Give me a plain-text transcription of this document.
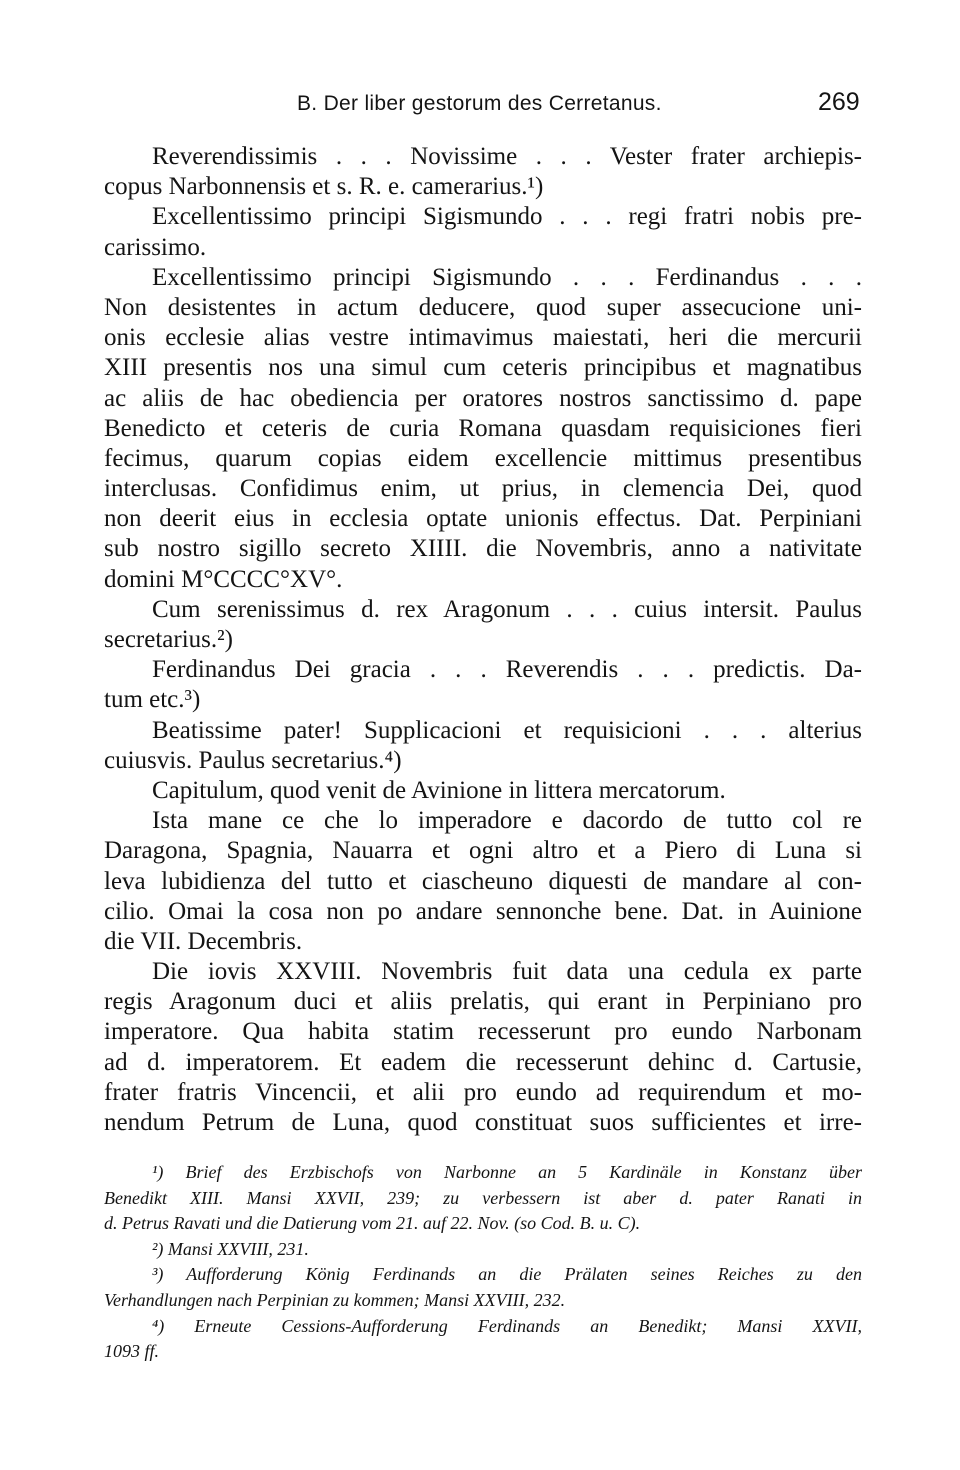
B. Der liber gestorum des Cerretanus.	269
Reverendissimis . . . Novissime . . . Vester frater archiepis-
copus Narbonnensis et s. R. e. camerarius.¹)
Excellentissimo principi Sigismundo . . . regi fratri nobis pre-
carissimo.
Excellentissimo principi Sigismundo . . . Ferdinandus . . .
Non desistentes in actum deducere, quod super assecucione uni-
onis ecclesie alias vestre intimavimus maiestati, heri die mercurii
XIII presentis nos una simul cum ceteris principibus et magnatibus
ac aliis de hac obediencia per oratores nostros sanctissimo d. pape
Benedicto et ceteris de curia Romana quasdam requisiciones fieri
fecimus, quarum copias eidem excellencie mittimus presentibus
interclusas. Confidimus enim, ut prius, in clemencia Dei, quod
non deerit eius in ecclesia optate unionis effectus. Dat. Perpiniani
sub nostro sigillo secreto XIIII. die Novembris, anno a nativitate
domini M°CCCC°XV°.
Cum serenissimus d. rex Aragonum . . . cuius intersit. Paulus
secretarius.²)
Ferdinandus Dei gracia . . . Reverendis . . . predictis. Da-
tum etc.³)
Beatissime pater! Supplicacioni et requisicioni . . . alterius
cuiusvis. Paulus secretarius.⁴)
Capitulum, quod venit de Avinione in littera mercatorum.
Ista mane ce che lo imperadore e dacordo de tutto col re
Daragona, Spagnia, Nauarra et ogni altro et a Piero di Luna si
leva lubidienza del tutto et ciascheuno diquesti de mandare al con-
cilio. Omai la cosa non po andare sennonche bene. Dat. in Auinione
die VII. Decembris.
Die iovis XXVIII. Novembris fuit data una cedula ex parte
regis Aragonum duci et aliis prelatis, qui erant in Perpiniano pro
imperatore. Qua habita statim recesserunt pro eundo Narbonam
ad d. imperatorem. Et eadem die recesserunt dehinc d. Cartusie,
frater fratris Vincencii, et alii pro eundo ad requirendum et mo-
nendum Petrum de Luna, quod constituat suos sufficientes et irre-
¹) Brief des Erzbischofs von Narbonne an 5 Kardinäle in Konstanz über
Benedikt XIII. Mansi XXVII, 239; zu verbessern ist aber d. pater Ranati in
d. Petrus Ravati und die Datierung vom 21. auf 22. Nov. (so Cod. B. u. C).
²) Mansi XXVIII, 231.
³) Aufforderung König Ferdinands an die Prälaten seines Reiches zu den
Verhandlungen nach Perpinian zu kommen; Mansi XXVIII, 232.
⁴) Erneute Cessions-Aufforderung Ferdinands an Benedikt; Mansi XXVII,
1093 ff.
